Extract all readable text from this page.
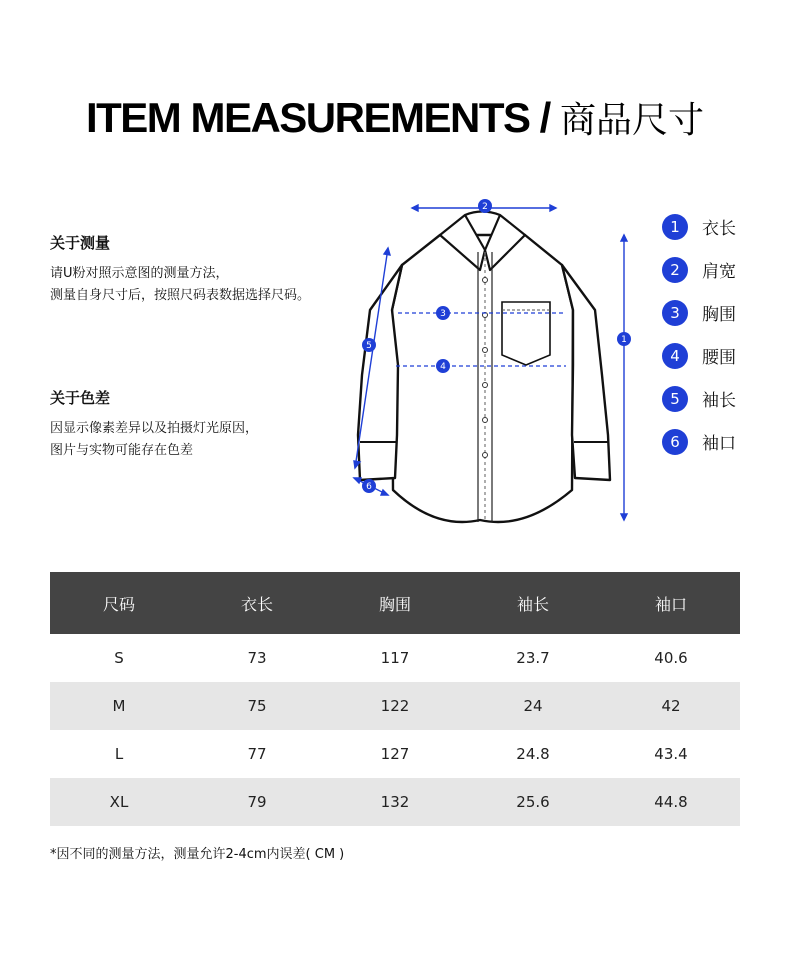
ITEM MEASUREMENTS / 商品尺寸
关于测量
请U粉对照示意图的测量方法，
测量自身尺寸后，按照尺码表数据选择尺码。
关于色差
因显示像素差异以及拍摄灯光原因，
图片与实物可能存在色差
2
1
3
4
5
6
1	衣长
2	肩宽
3	胸围
4	腰围
5	袖长
6	袖口
尺码	衣长	胸围	袖长	袖口
S	73	117	23.7	40.6
M	75	122	24	42
L	77	127	24.8	43.4
XL	79	132	25.6	44.8
*因不同的测量方法，测量允许2-4cm内误差( CM )
